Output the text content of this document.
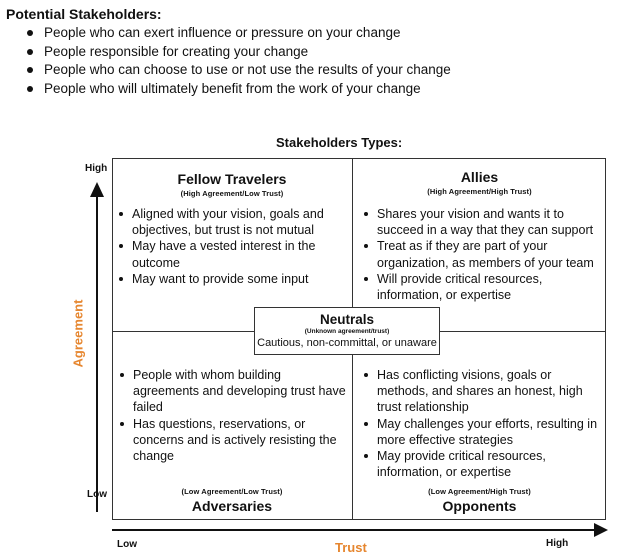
Potential Stakeholders:
People who can exert influence or pressure on your change
People responsible for creating your change
People who can choose to use or not use the results of your change
People who will ultimately benefit from the work of your change
Stakeholders Types:
Fellow Travelers
(High Agreement/Low Trust)
Aligned with your vision, goals and objectives, but trust is not mutual
May have a vested interest in the outcome
May want to provide some input
Allies
(High Agreement/High Trust)
Shares your vision and wants it to succeed in a way that they can support
Treat as if they are part of your organization, as members of your team
Will provide critical resources, information, or expertise
People with whom building agreements and developing trust have failed
Has questions, reservations, or concerns and is actively resisting the change
(Low Agreement/Low Trust)
Adversaries
Has conflicting visions, goals or methods, and shares an honest, high trust relationship
May challenges your efforts, resulting in more effective strategies
May provide critical resources, information, or expertise
(Low Agreement/High Trust)
Opponents
Neutrals
(Unknown agreement/trust)
Cautious, non-committal, or unaware
High
Low
Agreement
Low	High
Trust
